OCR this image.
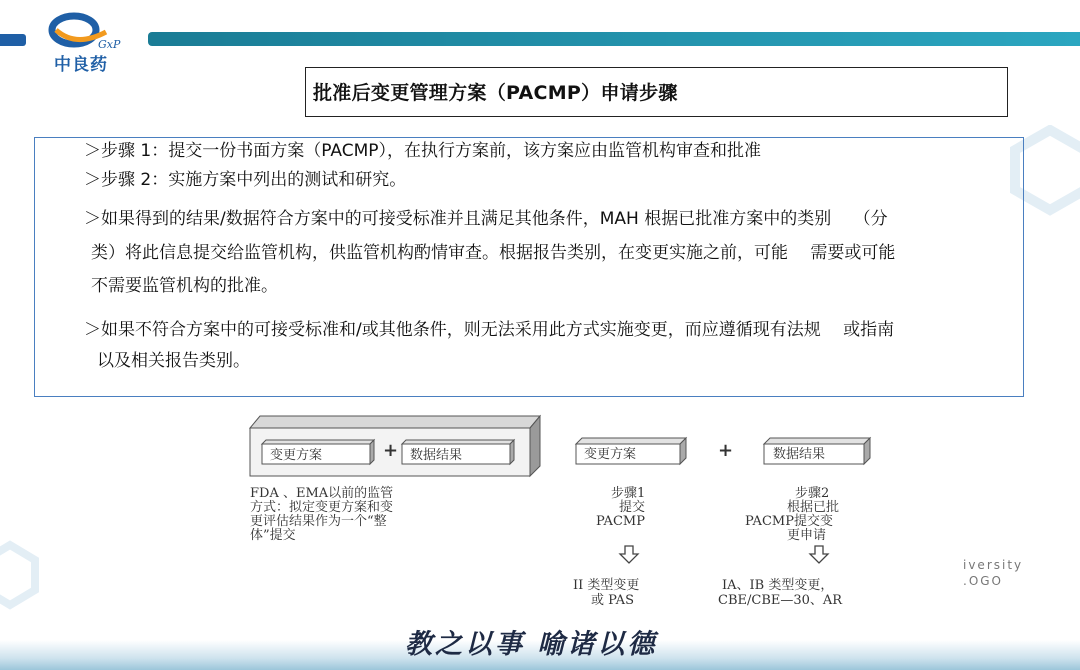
GxP
中良药
批准后变更管理方案（PACMP）申请步骤
＞步骤 1：提交一份书面方案（PACMP），在执行方案前，该方案应由监管机构审查和批准
＞步骤 2：实施方案中列出的测试和研究。
＞如果得到的结果/数据符合方案中的可接受标准并且满足其他条件，MAH 根据已批准方案中的类别　 （分
类）将此信息提交给监管机构，供监管机构酌情审查。根据报告类别，在变更实施之前，可能　 需要或可能
不需要监管机构的批准。
＞如果不符合方案中的可接受标准和/或其他条件，则无法采用此方式实施变更，而应遵循现有法规　 或指南
以及相关报告类别。
变更方案	+ 数据结果	变更方案	+	数据结果
FDA 、EMA以前的监管
方式：拟定变更方案和变
更评估结果作为一个“整
体”提交
步骤1
提交
PACMP
步骤2
根据已批
PACMP提交变
更申请
II 类型变更
或 PAS
IA、IB 类型变更，
CBE/CBE—30、AR
iversity
.OGO
教之以事 喻诸以德
